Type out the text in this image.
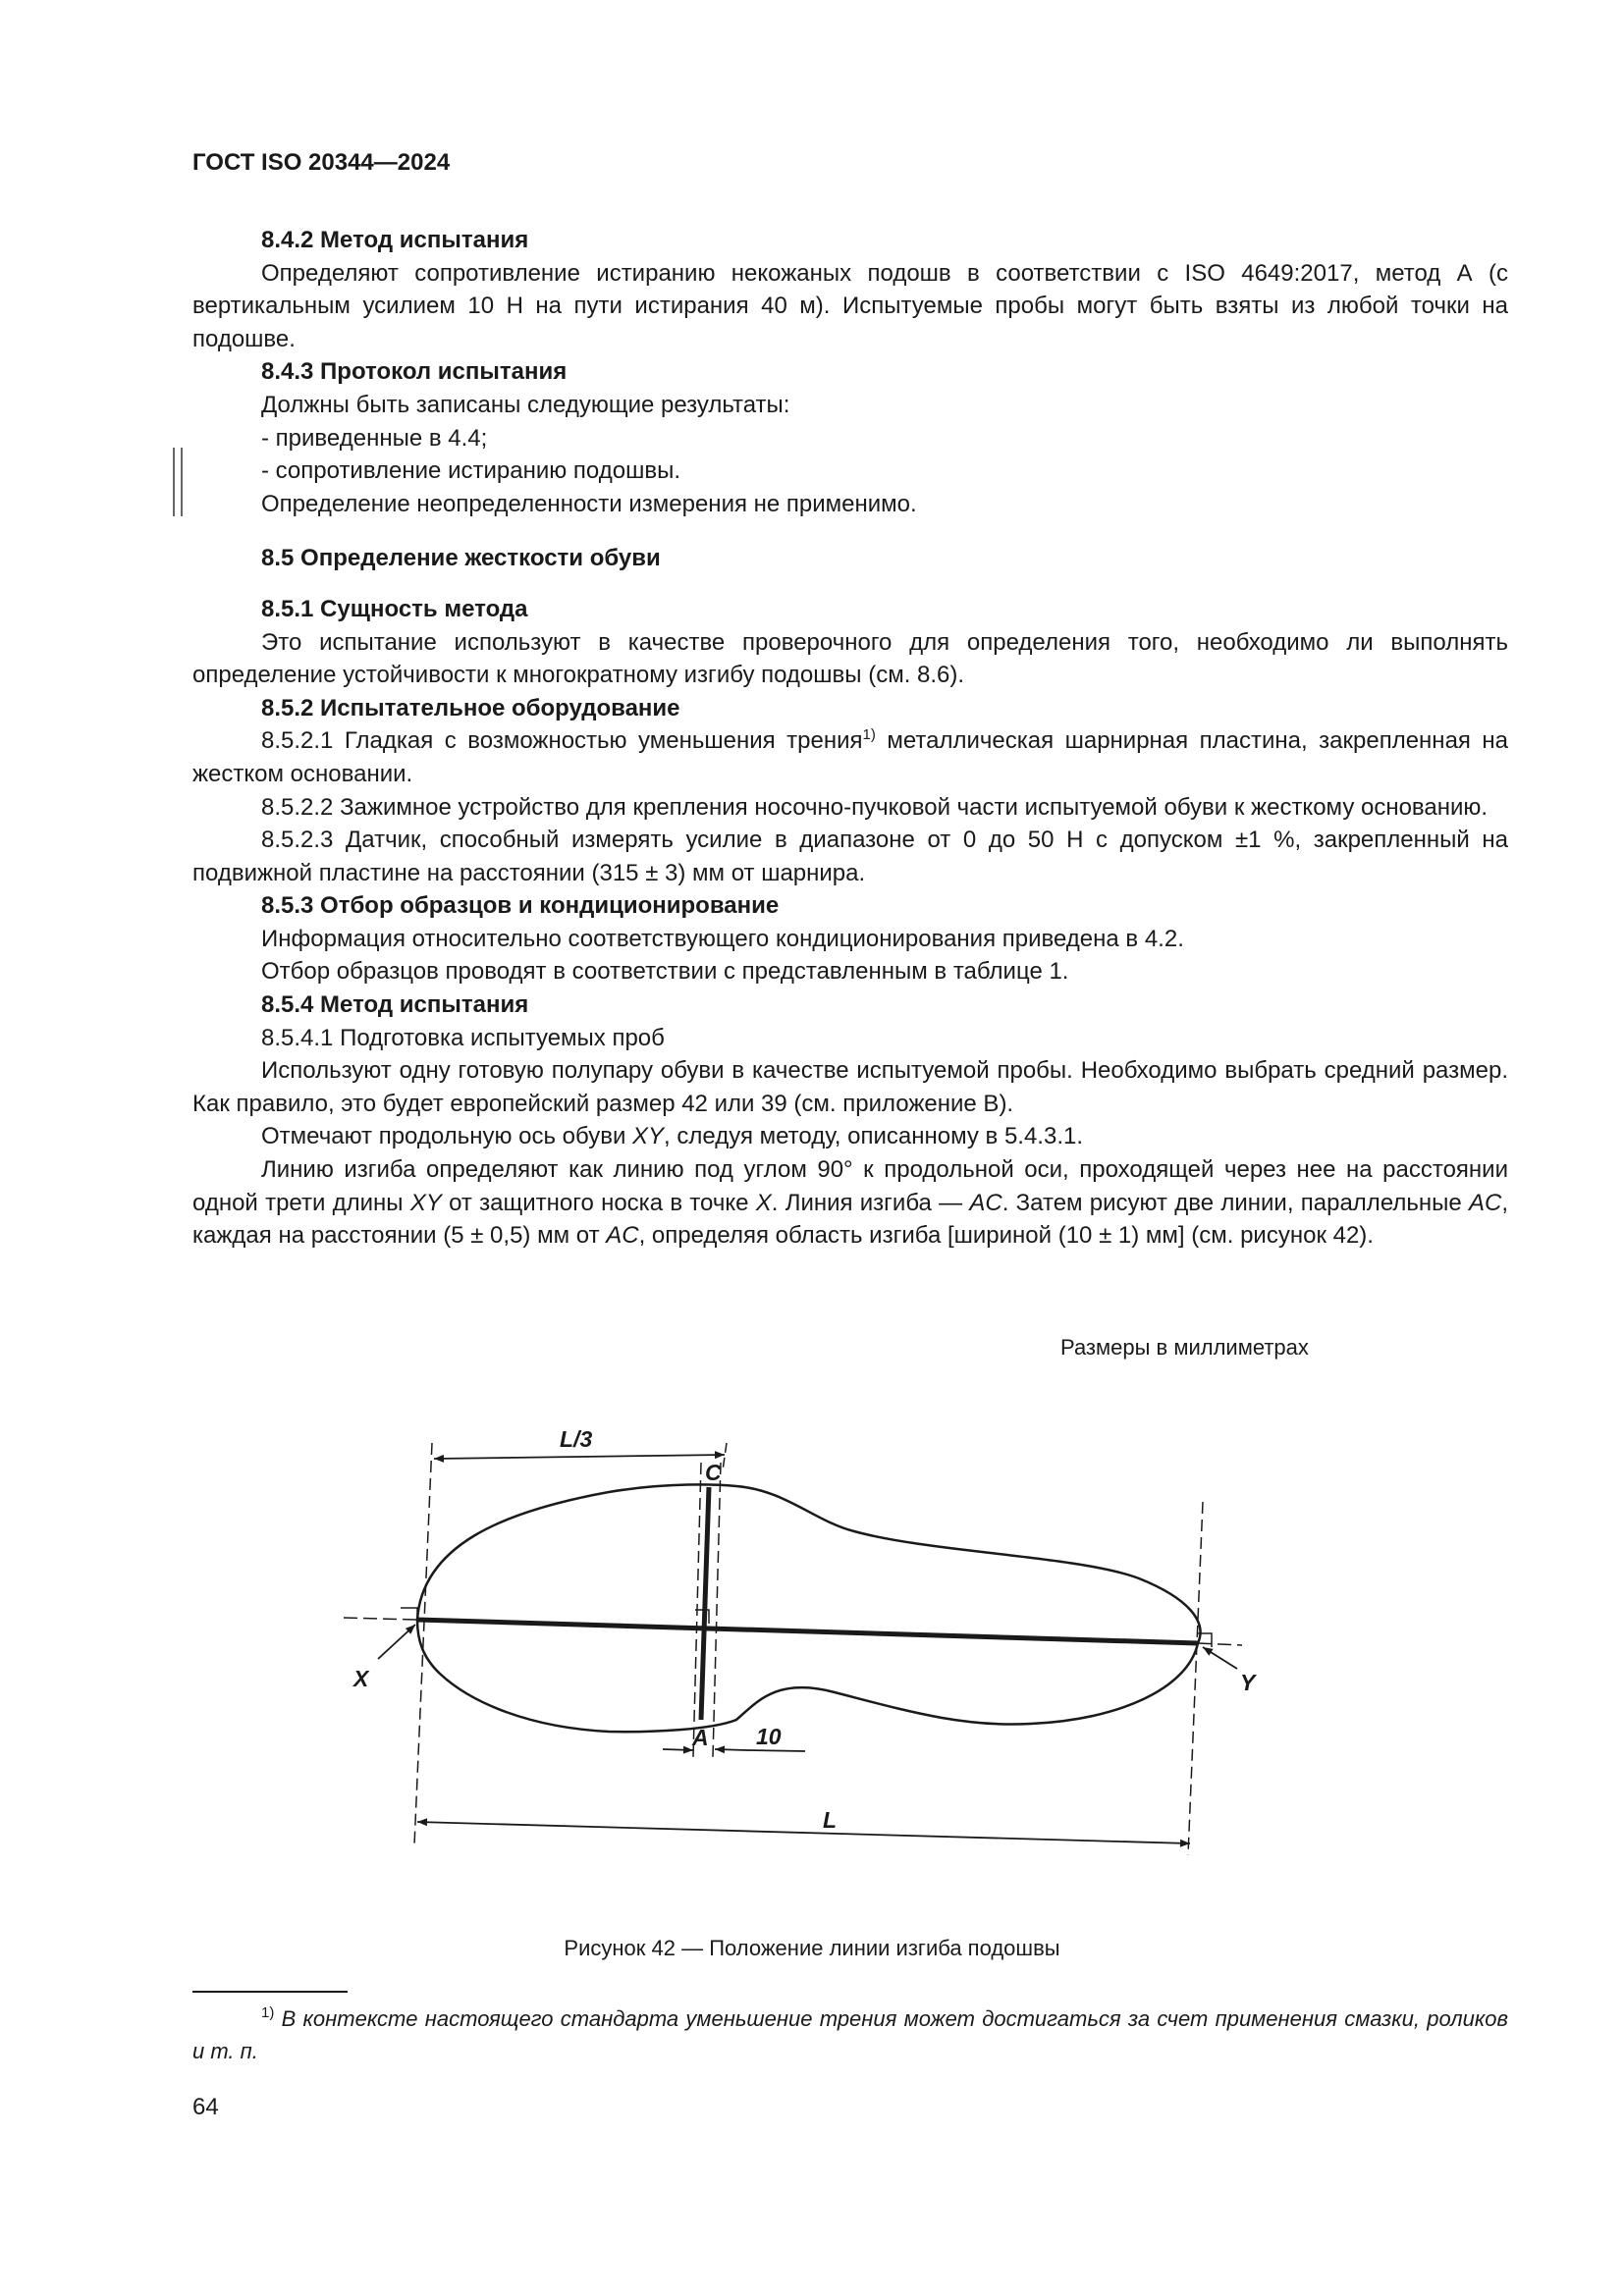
ГОСТ ISO 20344—2024

8.4.2 Метод испытания

Определяют сопротивление истиранию некожаных подошв в соответствии с ISO 4649:2017, метод А (с вертикальным усилием 10 Н на пути истирания 40 м). Испытуемые пробы могут быть взяты из любой точки на подошве.

8.4.3 Протокол испытания

Должны быть записаны следующие результаты:

- приведенные в 4.4;

- сопротивление истиранию подошвы.

Определение неопределенности измерения не применимо.

8.5 Определение жесткости обуви

8.5.1 Сущность метода

Это испытание используют в качестве проверочного для определения того, необходимо ли выполнять определение устойчивости к многократному изгибу подошвы (см. 8.6).

8.5.2 Испытательное оборудование

8.5.2.1 Гладкая с возможностью уменьшения трения$^{1)}$ металлическая шарнирная пластина, закрепленная на жестком основании.

8.5.2.2 Зажимное устройство для крепления носочно-пучковой части испытуемой обуви к жесткому основанию.

8.5.2.3 Датчик, способный измерять усилие в диапазоне от 0 до 50 Н с допуском ±1 %, закрепленный на подвижной пластине на расстоянии (315 ± 3) мм от шарнира.

8.5.3 Отбор образцов и кондиционирование

Информация относительно соответствующего кондиционирования приведена в 4.2.

Отбор образцов проводят в соответствии с представленным в таблице 1.

8.5.4 Метод испытания

8.5.4.1 Подготовка испытуемых проб

Используют одну готовую полупару обуви в качестве испытуемой пробы. Необходимо выбрать средний размер. Как правило, это будет европейский размер 42 или 39 (см. приложение В).

Отмечают продольную ось обуви XY, следуя методу, описанному в 5.4.3.1.

Линию изгиба определяют как линию под углом 90° к продольной оси, проходящей через нее на расстоянии одной трети длины XY от защитного носка в точке X. Линия изгиба — AC. Затем рисуют две линии, параллельные AC, каждая на расстоянии (5 ± 0,5) мм от AC, определяя область изгиба [шириной (10 ± 1) мм] (см. рисунок 42).

Размеры в миллиметрах
L/3
C
X	Y
A 10
L
Рисунок 42 — Положение линии изгиба подошвы
$^{1)}$ В контексте настоящего стандарта уменьшение трения может достигаться за счет применения смазки, роликов и т. п.
64
